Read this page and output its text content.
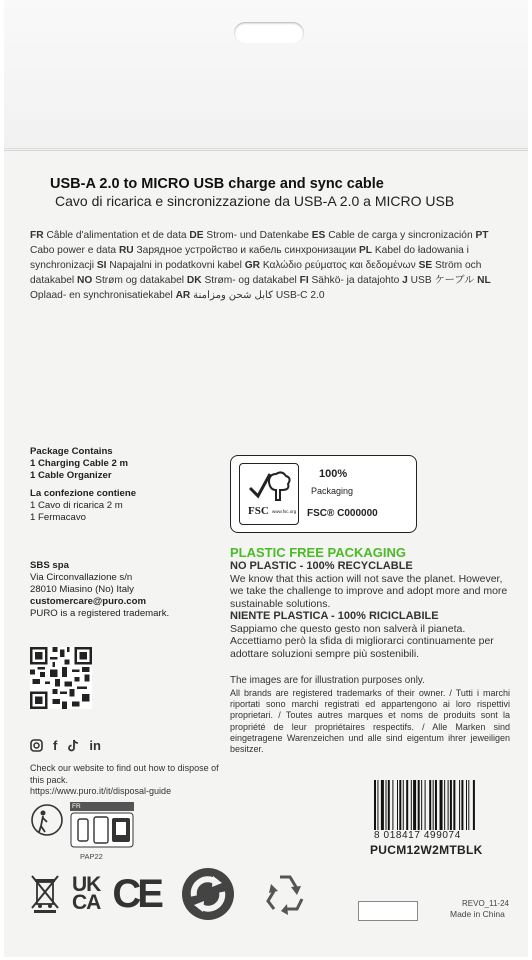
USB-A 2.0 to MICRO USB charge and sync cable
Cavo di ricarica e sincronizzazione da USB-A 2.0 a MICRO USB
FR Câble d'alimentation et de data DE Strom- und Datenkabe ES Cable de carga y sincronización PT Cabo power e data RU Зарядное устройство и кабель синхронизации PL Kabel do ładowania i synchronizacji SI Napajalni in podatkovni kabel GR Καλώδιο ρεύματος και δεδομένων SE Ström och datakabel NO Strøm og datakabel DK Strøm- og datakabel FI Sähkö- ja datajohto J USB ケーブル NL Oplaad- en synchronisatiekabel AR كابل شحن ومزامنة USB-C 2.0
Package Contains
1 Charging Cable 2 m
1 Cable Organizer
La confezione contiene
1 Cavo di ricarica 2 m
1 Fermacavo
SBS spa
Via Circonvallazione s/n
28010 Miasino (No) Italy
customercare@puro.com
PURO is a registered trademark.
f in
Check our website to find out how to dispose of this pack.
https://www.puro.it/it/disposal-guide
FR
PAP22
UK
CA CE
FSC www.fsc.org
100%
Packaging
FSC® C000000
PLASTIC FREE PACKAGING
NO PLASTIC - 100% RECYCLABLE
We know that this action will not save the planet. However, we take the challenge to improve and adopt more and more sustainable solutions.
NIENTE PLASTICA - 100% RICICLABILE
Sappiamo che questo gesto non salverà il pianeta. Accettiamo però la sfida di migliorarci continuamente per adottare soluzioni sempre più sostenibili.
The images are for illustration purposes only.
All brands are registered trademarks of their owner. / Tutti i marchi riportati sono marchi registrati ed appartengono ai loro rispettivi proprietari. / Toutes autres marques et noms de produits sont la propriété de leur propriétaires respectifs. / Alle Marken sind eingetragene Warenzeichen und alle sind eigentum ihrer jeweiligen besitzer.
8 018417 499074
PUCM12W2MTBLK
REVO_11-24
Made in China
